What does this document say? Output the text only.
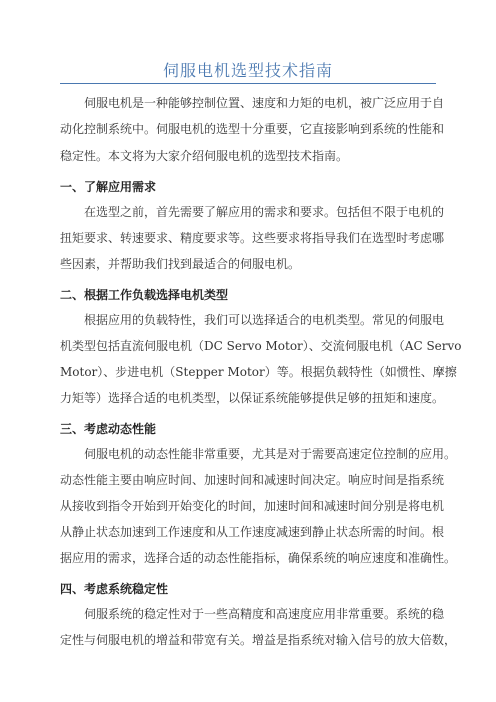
伺服电机选型技术指南
伺服电机是一种能够控制位置、速度和力矩的电机，被广泛应用于自
动化控制系统中。伺服电机的选型十分重要，它直接影响到系统的性能和
稳定性。本文将为大家介绍伺服电机的选型技术指南。
一、了解应用需求
在选型之前，首先需要了解应用的需求和要求。包括但不限于电机的
扭矩要求、转速要求、精度要求等。这些要求将指导我们在选型时考虑哪
些因素，并帮助我们找到最适合的伺服电机。
二、根据工作负载选择电机类型
根据应用的负载特性，我们可以选择适合的电机类型。常见的伺服电
机类型包括直流伺服电机（DC Servo Motor）、交流伺服电机（AC Servo
Motor）、步进电机（Stepper Motor）等。根据负载特性（如惯性、摩擦
力矩等）选择合适的电机类型，以保证系统能够提供足够的扭矩和速度。
三、考虑动态性能
伺服电机的动态性能非常重要，尤其是对于需要高速定位控制的应用。
动态性能主要由响应时间、加速时间和减速时间决定。响应时间是指系统
从接收到指令开始到开始变化的时间，加速时间和减速时间分别是将电机
从静止状态加速到工作速度和从工作速度减速到静止状态所需的时间。根
据应用的需求，选择合适的动态性能指标，确保系统的响应速度和准确性。
四、考虑系统稳定性
伺服系统的稳定性对于一些高精度和高速度应用非常重要。系统的稳
定性与伺服电机的增益和带宽有关。增益是指系统对输入信号的放大倍数，
